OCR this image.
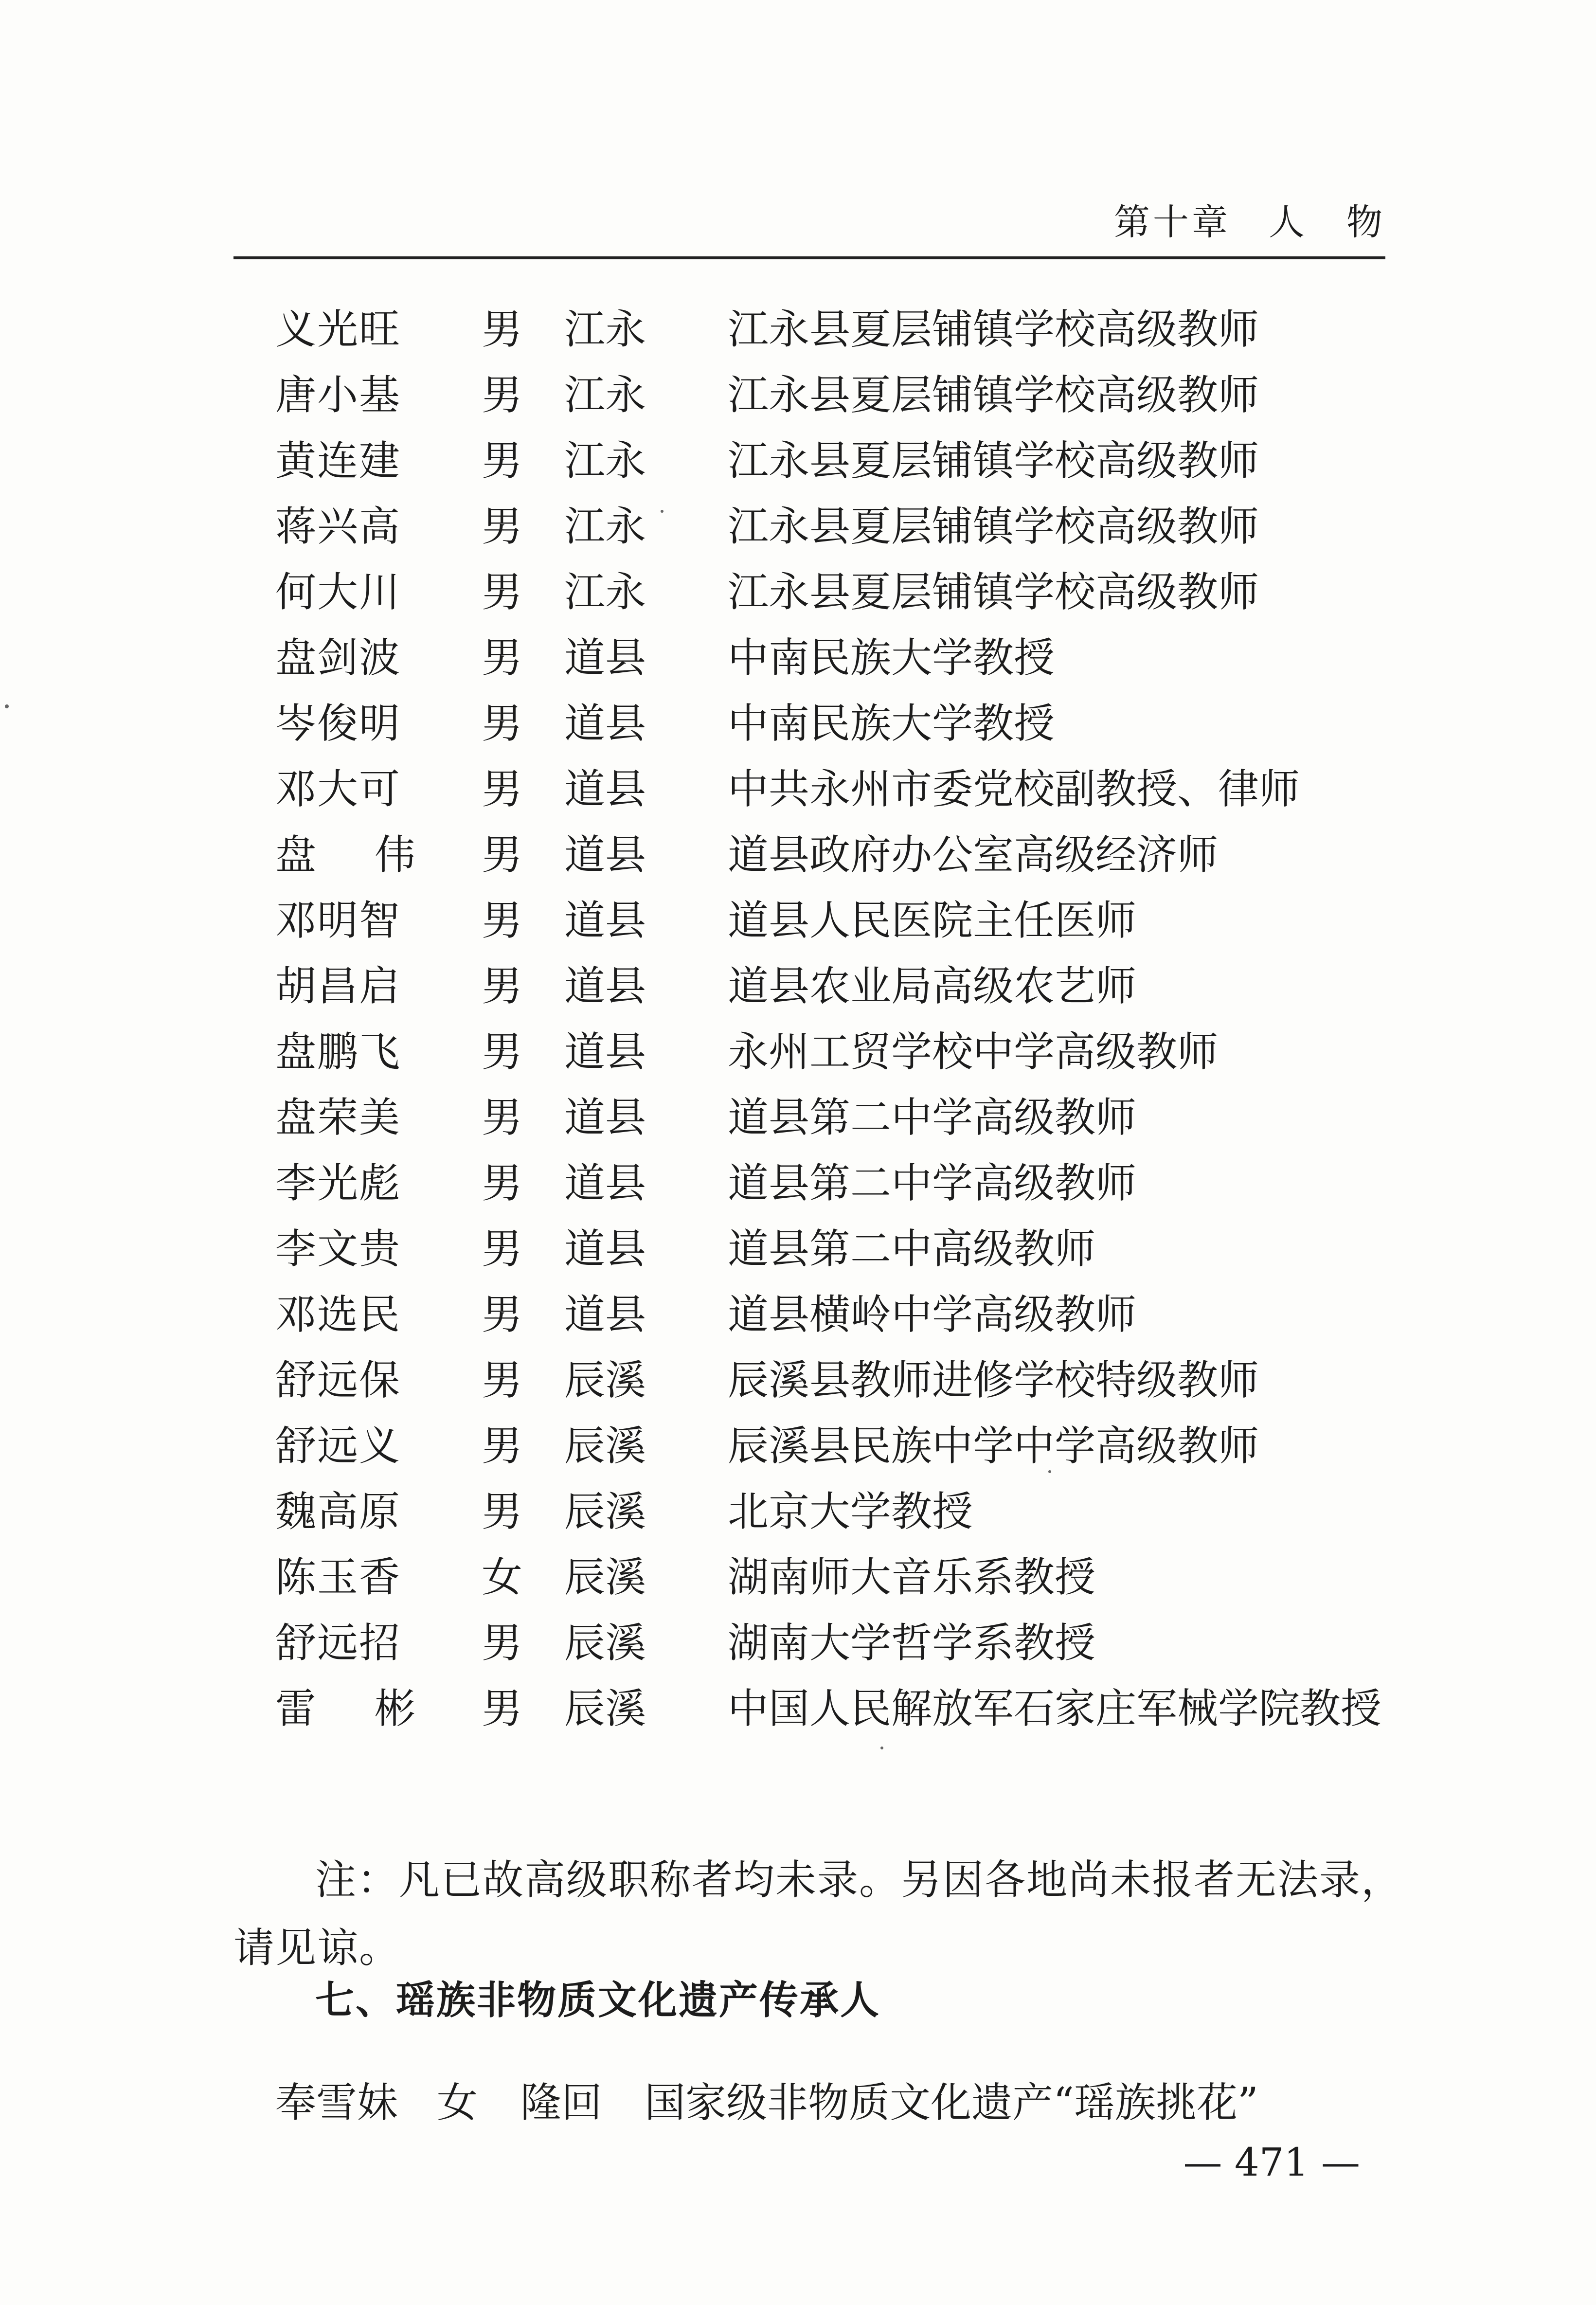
第十章 人　物
义光旺 男 江永 江永县夏层铺镇学校高级教师
唐小基 男 江永 江永县夏层铺镇学校高级教师
黄连建 男 江永 江永县夏层铺镇学校高级教师
蒋兴高 男 江永 江永县夏层铺镇学校高级教师
何大川 男 江永 江永县夏层铺镇学校高级教师
盘剑波 男 道县 中南民族大学教授
岑俊明 男 道县 中南民族大学教授
邓大可 男 道县 中共永州市委党校副教授、律师
盘伟 男 道县 道县政府办公室高级经济师
邓明智 男 道县 道县人民医院主任医师
胡昌启 男 道县 道县农业局高级农艺师
盘鹏飞 男 道县 永州工贸学校中学高级教师
盘荣美 男 道县 道县第二中学高级教师
李光彪 男 道县 道县第二中学高级教师
李文贵 男 道县 道县第二中高级教师
邓选民 男 道县 道县横岭中学高级教师
舒远保 男 辰溪 辰溪县教师进修学校特级教师
舒远义 男 辰溪 辰溪县民族中学中学高级教师
魏高原 男 辰溪 北京大学教授
陈玉香 女 辰溪 湖南师大音乐系教授
舒远招 男 辰溪 湖南大学哲学系教授
雷彬 男 辰溪 中国人民解放军石家庄军械学院教授

注：凡已故高级职称者均未录。另因各地尚未报者无法录，请见谅。

七、瑶族非物质文化遗产传承人
奉雪妹 女 隆回 国家级非物质文化遗产“瑶族挑花”
— 471 —
